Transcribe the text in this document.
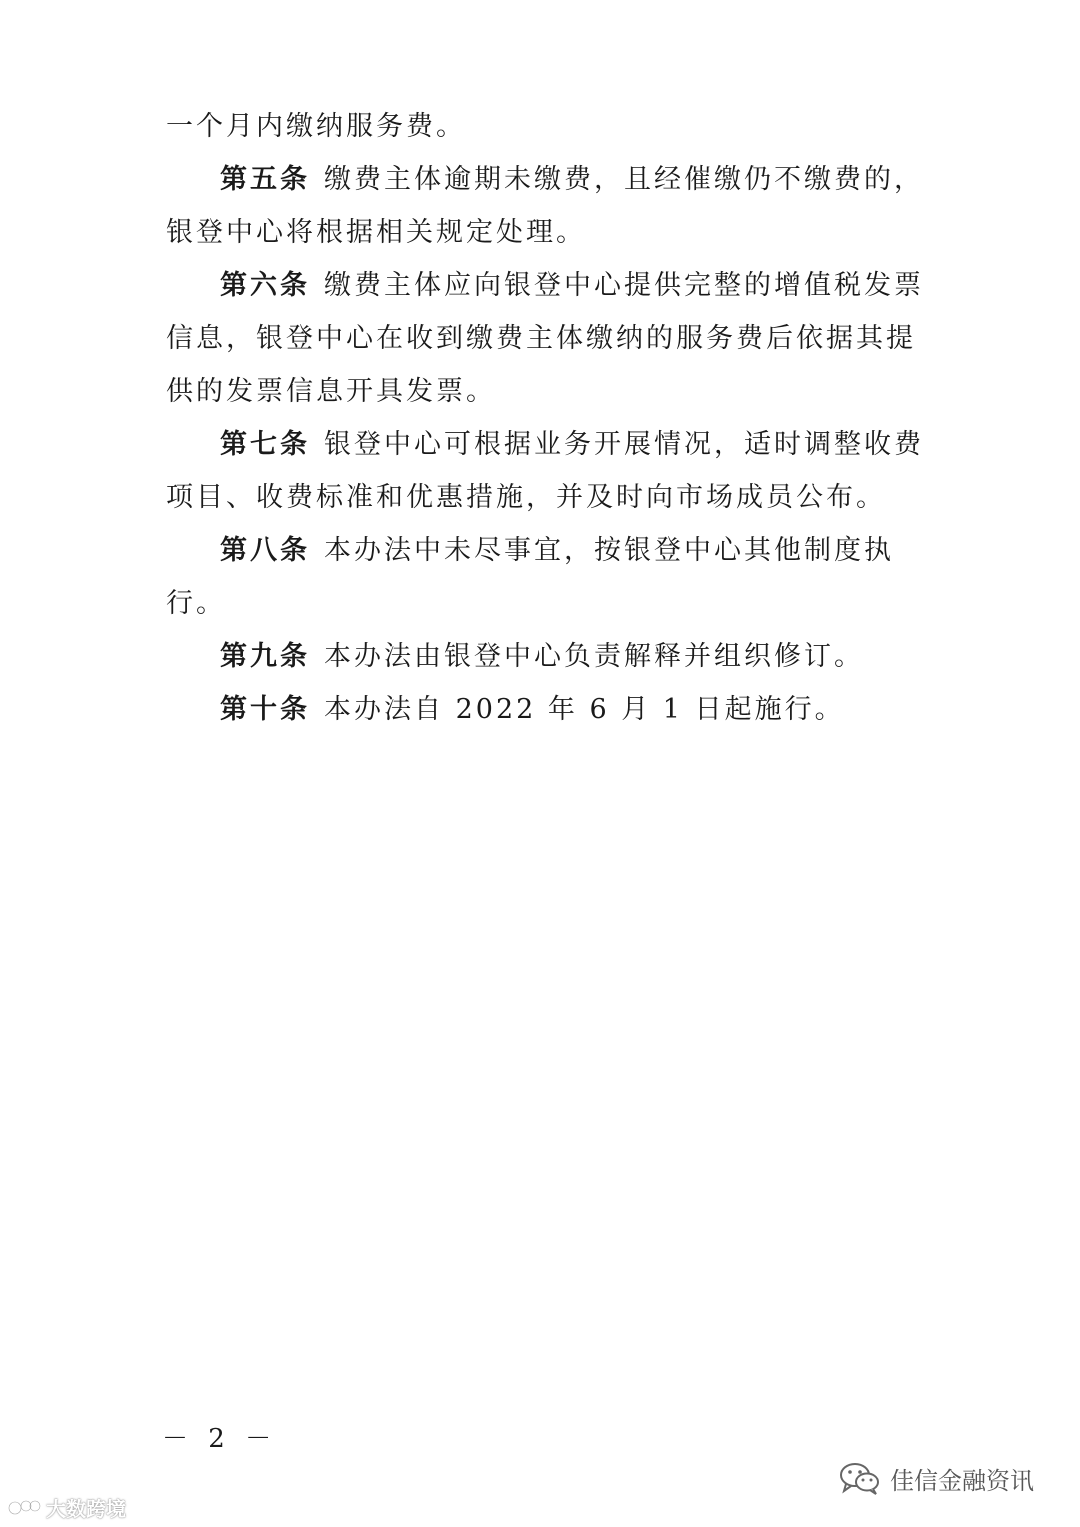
一个月内缴纳服务费。

第五条 缴费主体逾期未缴费，且经催缴仍不缴费的，银登中心将根据相关规定处理。

第六条 缴费主体应向银登中心提供完整的增值税发票信息，银登中心在收到缴费主体缴纳的服务费后依据其提供的发票信息开具发票。

第七条 银登中心可根据业务开展情况，适时调整收费项目、收费标准和优惠措施，并及时向市场成员公布。

第八条 本办法中未尽事宜，按银登中心其他制度执行。

第九条 本办法由银登中心负责解释并组织修订。

第十条 本办法自 2022 年 6 月 1 日起施行。

－ 2 －
大数跨境
佳信金融资讯
